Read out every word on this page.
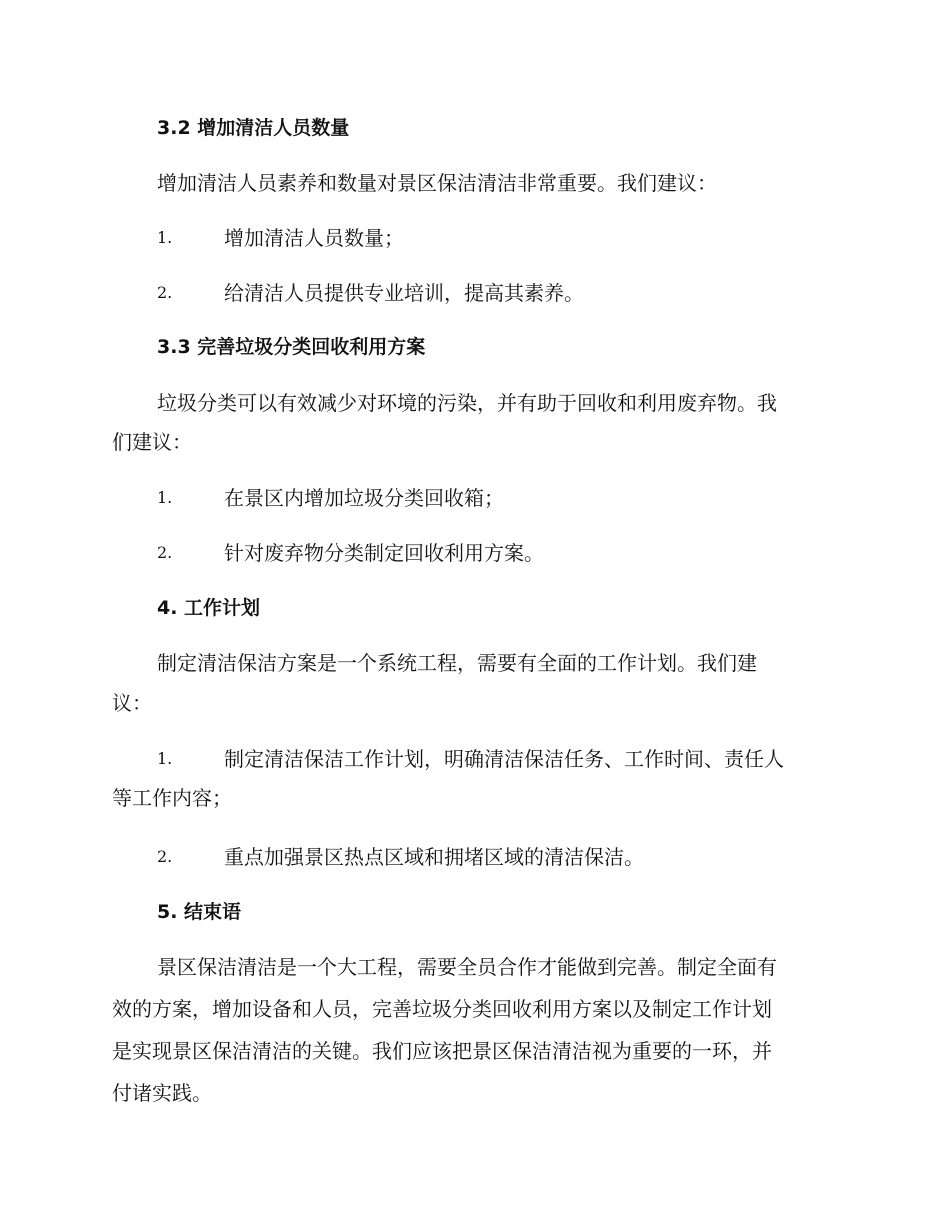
3.2 增加清洁人员数量
增加清洁人员素养和数量对景区保洁清洁非常重要。我们建议：
1.	增加清洁人员数量；
2.	给清洁人员提供专业培训，提高其素养。
3.3 完善垃圾分类回收利用方案
垃圾分类可以有效减少对环境的污染，并有助于回收和利用废弃物。我
们建议：
1.	在景区内增加垃圾分类回收箱；
2.	针对废弃物分类制定回收利用方案。
4. 工作计划
制定清洁保洁方案是一个系统工程，需要有全面的工作计划。我们建
议：
1.	制定清洁保洁工作计划，明确清洁保洁任务、工作时间、责任人
等工作内容；
2.	重点加强景区热点区域和拥堵区域的清洁保洁。
5. 结束语
景区保洁清洁是一个大工程，需要全员合作才能做到完善。制定全面有
效的方案，增加设备和人员，完善垃圾分类回收利用方案以及制定工作计划
是实现景区保洁清洁的关键。我们应该把景区保洁清洁视为重要的一环，并
付诸实践。
